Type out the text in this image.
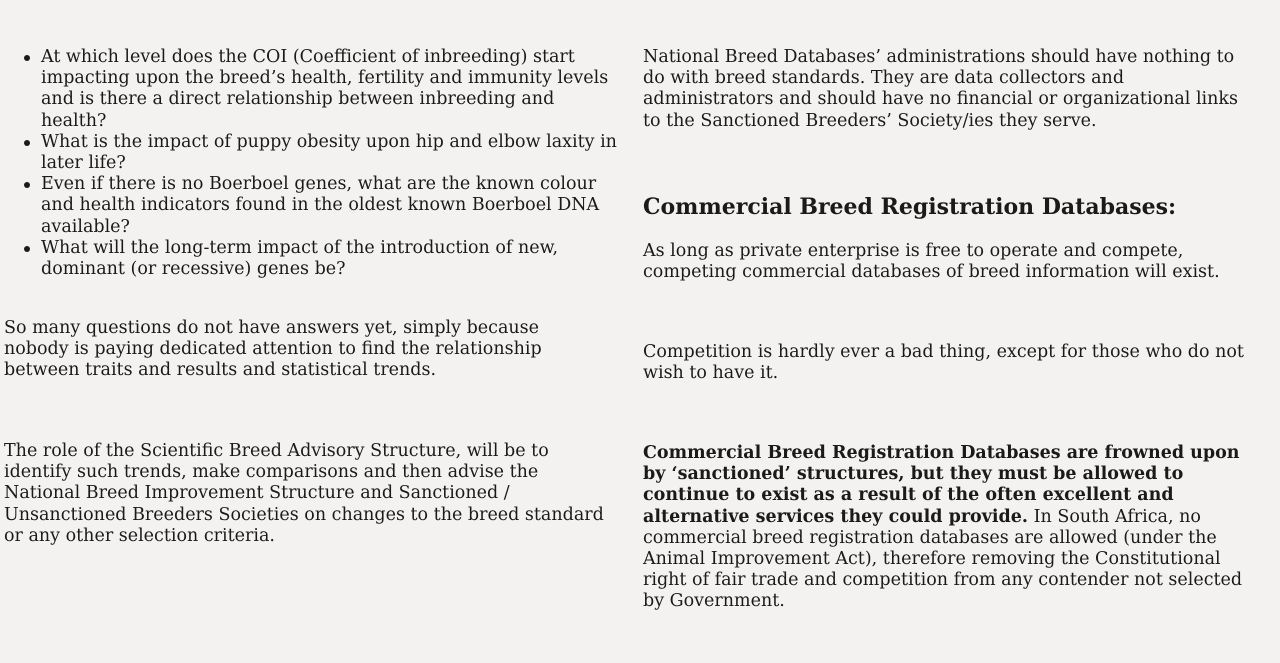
At which level does the COI (Coefficient of inbreeding) start impacting upon the breed’s health, fertility and immunity levels and is there a direct relationship between inbreeding and health?
What is the impact of puppy obesity upon hip and elbow laxity in later life?
Even if there is no Boerboel genes, what are the known colour and health indicators found in the oldest known Boerboel DNA available?
What will the long-term impact of the introduction of new, dominant (or recessive) genes be?

So many questions do not have answers yet, simply because nobody is paying dedicated attention to find the relationship between traits and results and statistical trends.

The role of the Scientific Breed Advisory Structure, will be to identify such trends, make comparisons and then advise the National Breed Improvement Structure and Sanctioned / Unsanctioned Breeders Societies on changes to the breed standard or any other selection criteria.

National Breed Databases’ administrations should have nothing to do with breed standards. They are data collectors and administrators and should have no financial or organizational links to the Sanctioned Breeders’ Society/ies they serve.

Commercial Breed Registration Databases:

As long as private enterprise is free to operate and compete, competing commercial databases of breed information will exist.

Competition is hardly ever a bad thing, except for those who do not wish to have it.

Commercial Breed Registration Databases are frowned upon by ‘sanctioned’ structures, but they must be allowed to continue to exist as a result of the often excellent and alternative services they could provide. In South Africa, no commercial breed registration databases are allowed (under the Animal Improvement Act), therefore removing the Constitutional right of fair trade and competition from any contender not selected by Government.
